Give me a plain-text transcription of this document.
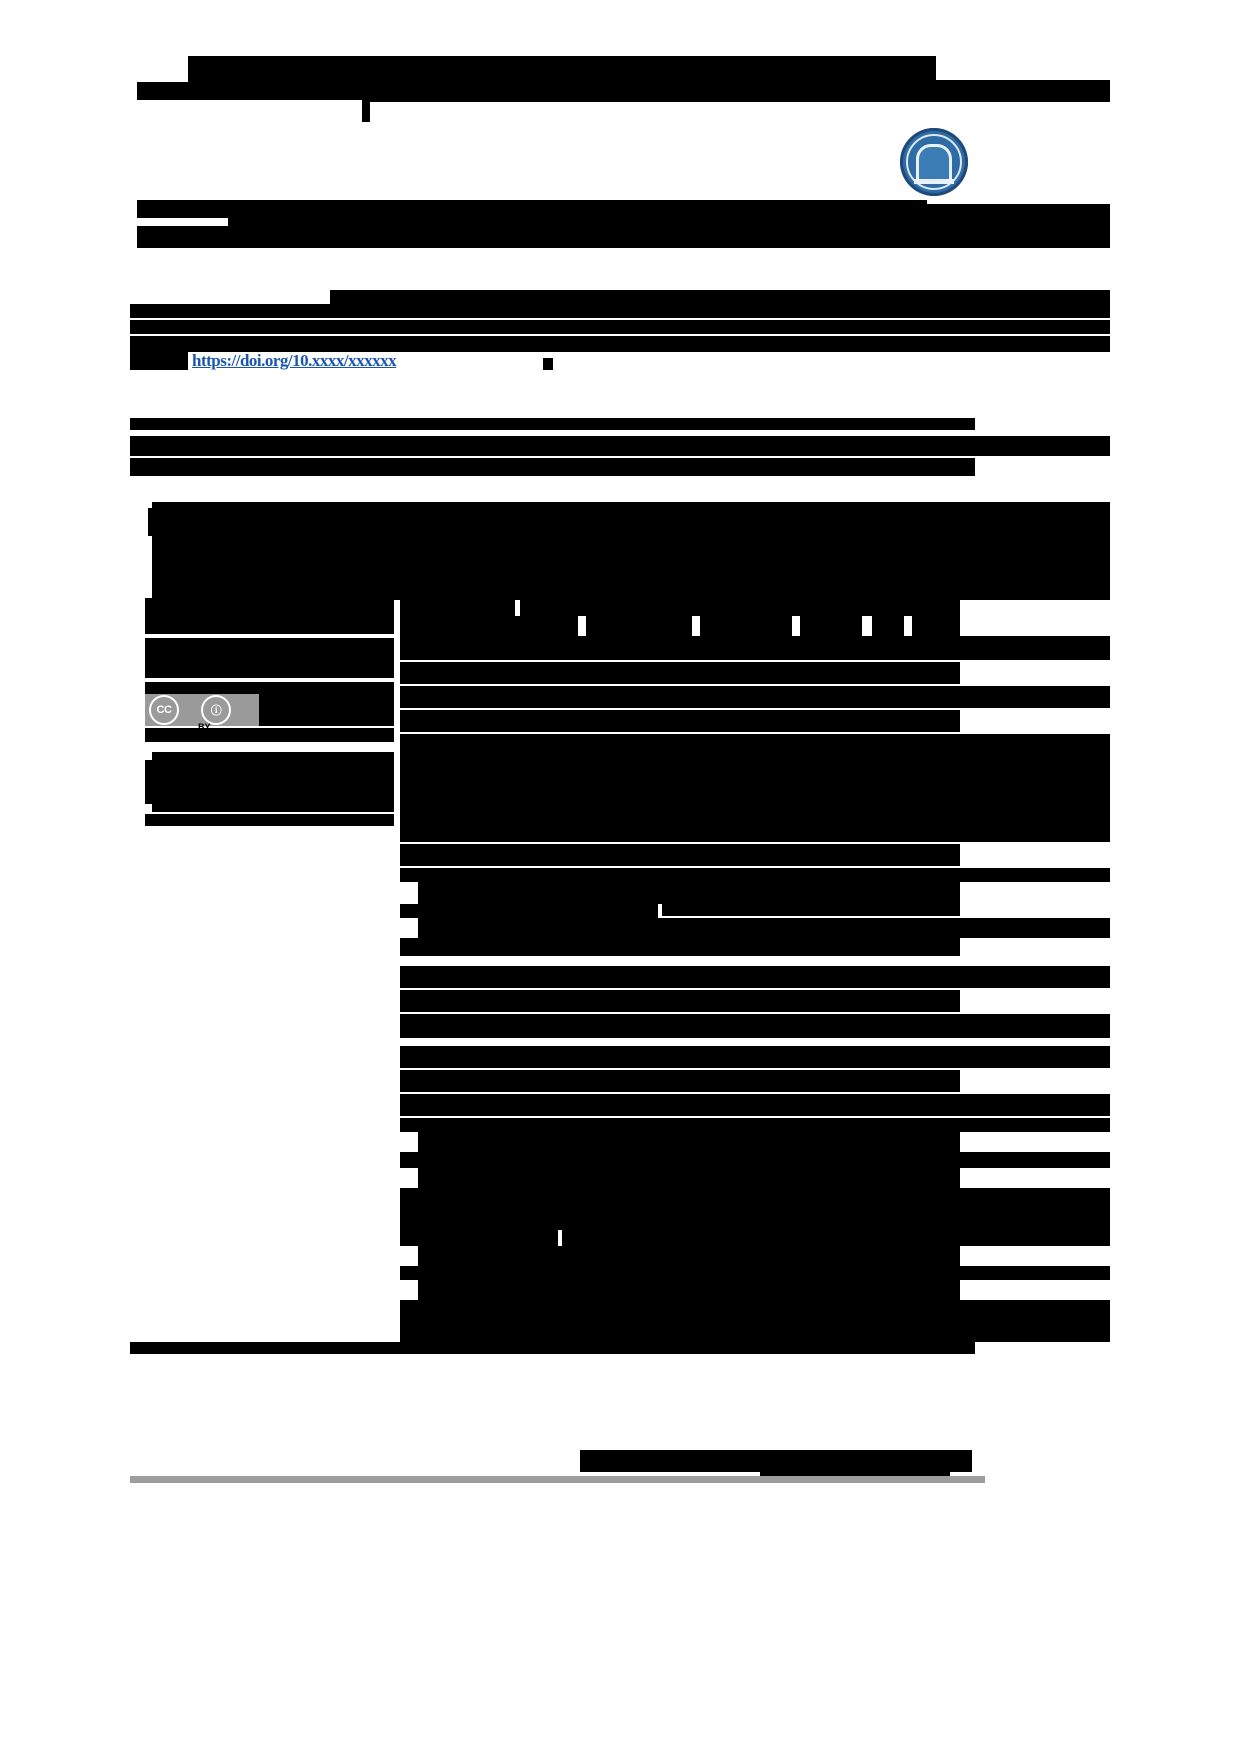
https://doi.org/10.xxxx/xxxxxx
CC	ⓘ
BY
